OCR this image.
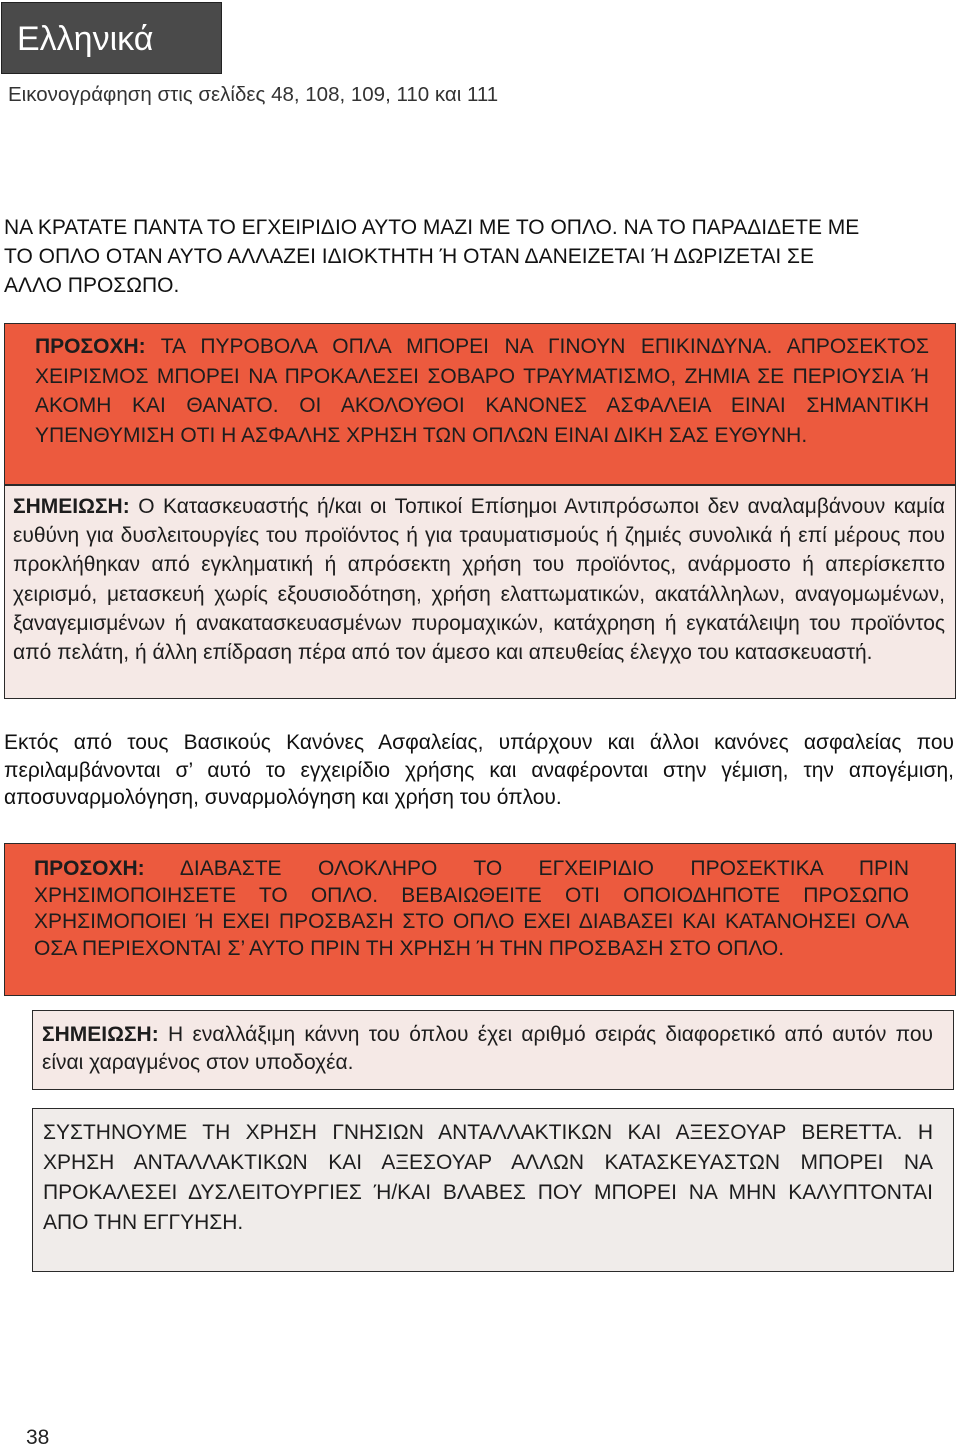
Ελληνικά
Εικονογράφηση στις σελίδες 48, 108, 109, 110 και 111
ΝΑ ΚΡΑΤΑΤΕ ΠΑΝΤΑ ΤΟ ΕΓΧΕΙΡΙΔΙΟ ΑΥΤΟ ΜΑΖΙ ΜΕ ΤΟ ΟΠΛΟ. ΝΑ ΤΟ ΠΑΡΑΔΙΔΕΤΕ ΜΕ ΤΟ ΟΠΛΟ ΟΤΑΝ ΑΥΤΟ ΑΛΛΑΖΕΙ ΙΔΙΟΚΤΗΤΗ Ή ΟΤΑΝ ΔΑΝΕΙΖΕΤΑΙ Ή ΔΩΡΙΖΕΤΑΙ ΣΕ ΑΛΛΟ ΠΡΟΣΩΠΟ.
ΠΡΟΣΟΧΗ: ΤΑ ΠΥΡΟΒΟΛΑ ΟΠΛΑ ΜΠΟΡΕΙ ΝΑ ΓΙΝΟΥΝ ΕΠΙΚΙΝΔΥΝΑ. ΑΠΡΟΣΕΚΤΟΣ ΧΕΙΡΙΣΜΟΣ ΜΠΟΡΕΙ ΝΑ ΠΡΟΚΑΛΕΣΕΙ ΣΟΒΑΡΟ ΤΡΑΥΜΑΤΙΣΜΟ, ΖΗΜΙΑ ΣΕ ΠΕΡΙΟΥΣΙΑ Ή ΑΚΟΜΗ ΚΑΙ ΘΑΝΑΤΟ. ΟΙ ΑΚΟΛΟΥΘΟΙ ΚΑΝΟΝΕΣ ΑΣΦΑΛΕΙΑ ΕΙΝΑΙ ΣΗΜΑΝΤΙΚΗ ΥΠΕΝΘΥΜΙΣΗ ΟΤΙ Η ΑΣΦΑΛΗΣ ΧΡΗΣΗ ΤΩΝ ΟΠΛΩΝ ΕΙΝΑΙ ΔΙΚΗ ΣΑΣ ΕΥΘΥΝΗ.
ΣΗΜΕΙΩΣΗ: Ο Κατασκευαστής ή/και οι Τοπικοί Επίσημοι Αντιπρόσωποι δεν αναλαμβάνουν καμία ευθύνη για δυσλειτουργίες του προϊόντος ή για τραυματισμούς ή ζημιές συνολικά ή επί μέρους που προκλήθηκαν από εγκληματική ή απρόσεκτη χρήση του προϊόντος, ανάρμοστο ή απερίσκεπτο χειρισμό, μετασκευή χωρίς εξουσιοδότηση, χρήση ελαττωματικών, ακατάλληλων, αναγομωμένων, ξαναγεμισμένων ή ανακατασκευασμένων πυρομαχικών, κατάχρηση ή εγκατάλειψη του προϊόντος από πελάτη, ή άλλη επίδραση πέρα από τον άμεσο και απευθείας έλεγχο του κατασκευαστή.
Εκτός από τους Βασικούς Κανόνες Ασφαλείας, υπάρχουν και άλλοι κανόνες ασφαλείας που περιλαμβάνονται σ’ αυτό το εγχειρίδιο χρήσης και αναφέρονται στην γέμιση, την απογέμιση, αποσυναρμολόγηση, συναρμολόγηση και χρήση του όπλου.
ΠΡΟΣΟΧΗ: ΔΙΑΒΑΣΤΕ ΟΛΟΚΛΗΡΟ ΤΟ ΕΓΧΕΙΡΙΔΙΟ ΠΡΟΣΕΚΤΙΚΑ ΠΡΙΝ ΧΡΗΣΙΜΟΠΟΙΗΣΕΤΕ ΤΟ ΟΠΛΟ. ΒΕΒΑΙΩΘΕΙΤΕ ΟΤΙ ΟΠΟΙΟΔΗΠΟΤΕ ΠΡΟΣΩΠΟ ΧΡΗΣΙΜΟΠΟΙΕΙ Ή ΕΧΕΙ ΠΡΟΣΒΑΣΗ ΣΤΟ ΟΠΛΟ ΕΧΕΙ ΔΙΑΒΑΣΕΙ ΚΑΙ ΚΑΤΑΝΟΗΣΕΙ ΟΛΑ ΟΣΑ ΠΕΡΙΕΧΟΝΤΑΙ Σ’ ΑΥΤΟ ΠΡΙΝ ΤΗ ΧΡΗΣΗ Ή ΤΗΝ ΠΡΟΣΒΑΣΗ ΣΤΟ ΟΠΛΟ.
ΣΗΜΕΙΩΣΗ: Η εναλλάξιμη κάννη του όπλου έχει αριθμό σειράς διαφορετικό από αυτόν που είναι χαραγμένος στον υποδοχέα.
ΣΥΣΤΗΝΟΥΜΕ ΤΗ ΧΡΗΣΗ ΓΝΗΣΙΩΝ ΑΝΤΑΛΛΑΚΤΙΚΩΝ ΚΑΙ ΑΞΕΣΟΥΑΡ BERETTA. Η ΧΡΗΣΗ ΑΝΤΑΛΛΑΚΤΙΚΩΝ ΚΑΙ ΑΞΕΣΟΥΑΡ ΑΛΛΩΝ ΚΑΤΑΣΚΕΥΑΣΤΩΝ ΜΠΟΡΕΙ ΝΑ ΠΡΟΚΑΛΕΣΕΙ ΔΥΣΛΕΙΤΟΥΡΓΙΕΣ Ή/ΚΑΙ ΒΛΑΒΕΣ ΠΟΥ ΜΠΟΡΕΙ ΝΑ ΜΗΝ ΚΑΛΥΠΤΟΝΤΑΙ ΑΠΟ ΤΗΝ ΕΓΓΥΗΣΗ.
38
